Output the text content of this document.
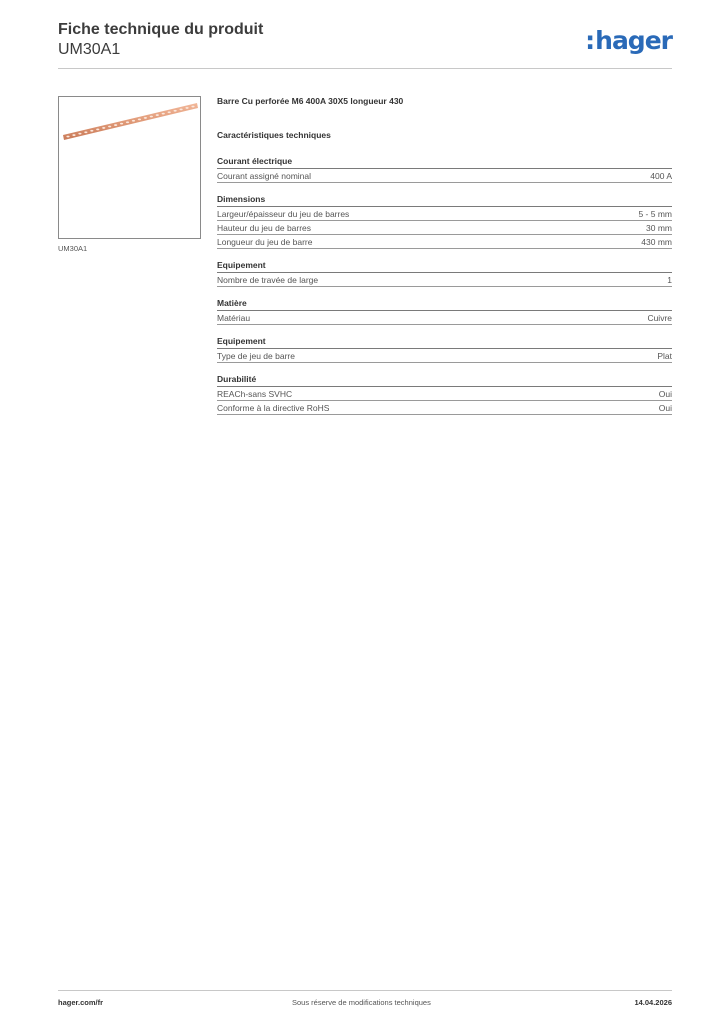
Fiche technique du produit
UM30A1	:hager
UM30A1
Barre Cu perforée M6 400A 30X5 longueur 430
Caractéristiques techniques
Courant électrique
Courant assigné nominal	400 A
Dimensions
Largeur/épaisseur du jeu de barres	5 - 5 mm
Hauteur du jeu de barres	30 mm
Longueur du jeu de barre	430 mm
Equipement
Nombre de travée de large	1
Matière
Matériau	Cuivre
Equipement
Type de jeu de barre	Plat
Durabilité
REACh-sans SVHC	Oui
Conforme à la directive RoHS	Oui
hager.com/fr	Sous réserve de modifications techniques	14.04.2026
